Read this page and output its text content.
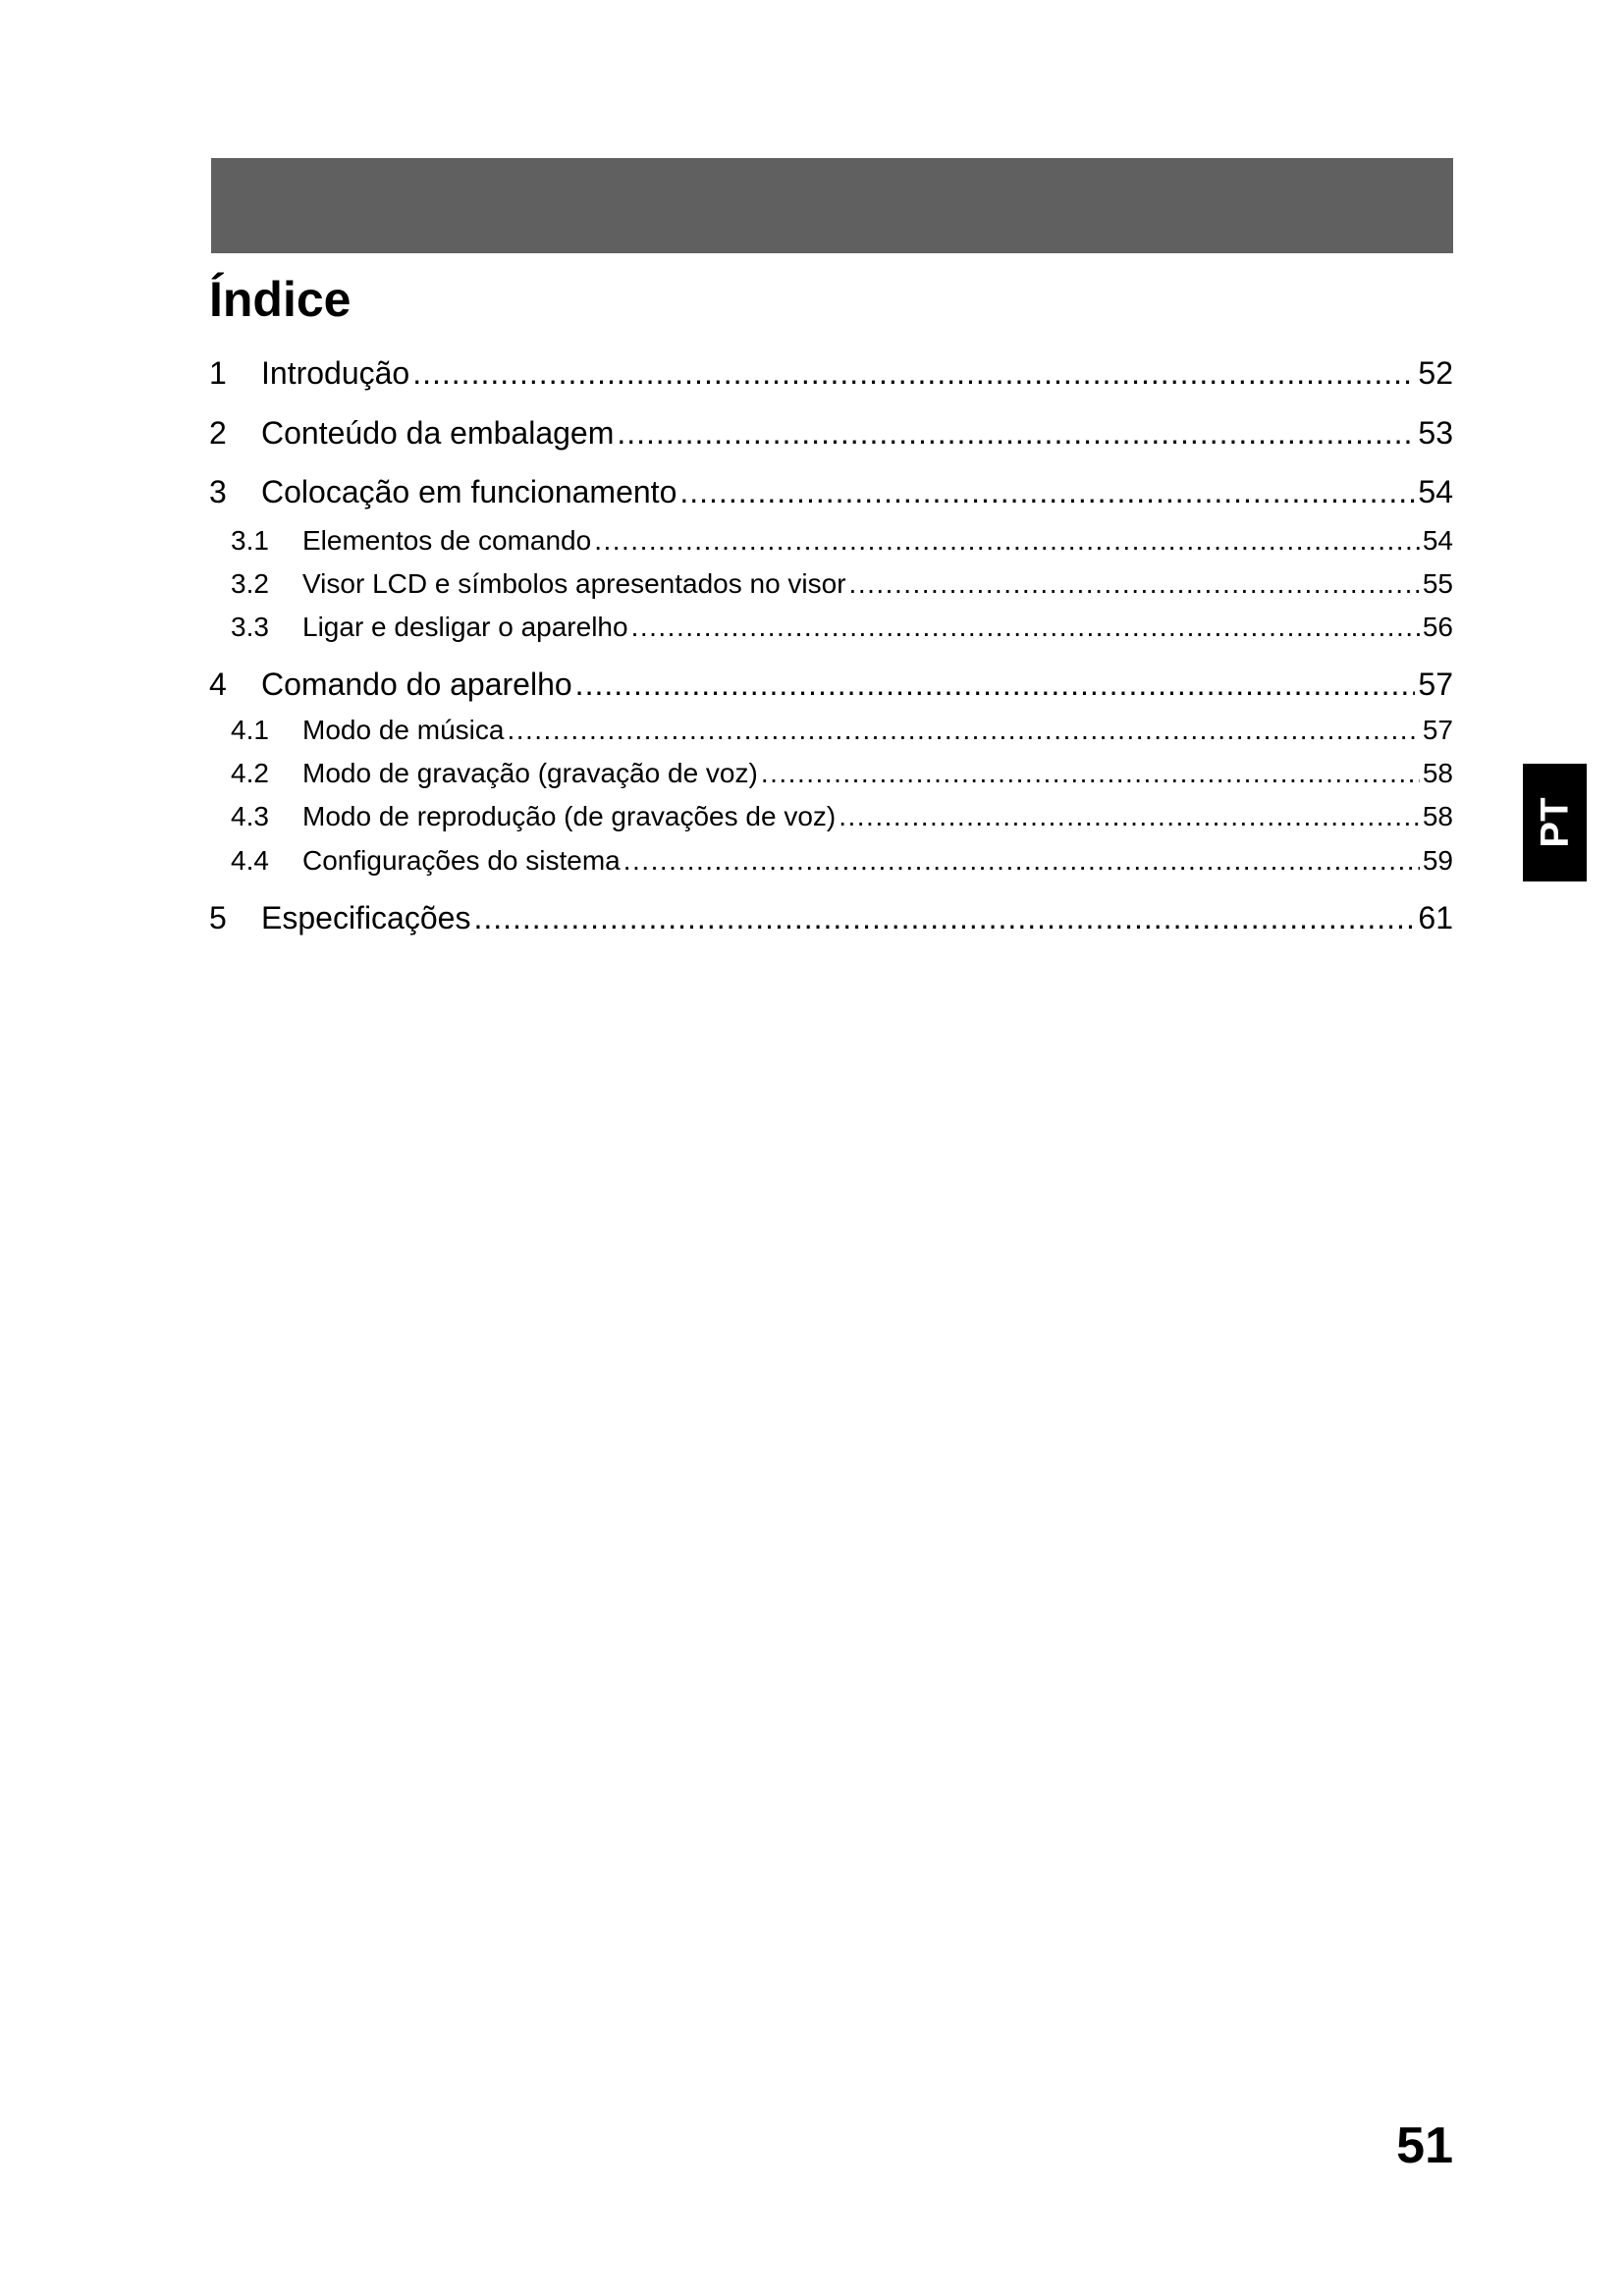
Índice
1	Introdução .....	52
2	Conteúdo da embalagem .....	53
3	Colocação em funcionamento .....	54
3.1	Elementos de comando .....	54
3.2	Visor LCD e símbolos apresentados no visor .....	55
3.3	Ligar e desligar o aparelho .....	56
4	Comando do aparelho .....	57
4.1	Modo de música .....	57
4.2	Modo de gravação (gravação de voz) .....	58
4.3	Modo de reprodução (de gravações de voz) .....	58
4.4	Configurações do sistema .....	59
5	Especificações .....	61
PT
51
